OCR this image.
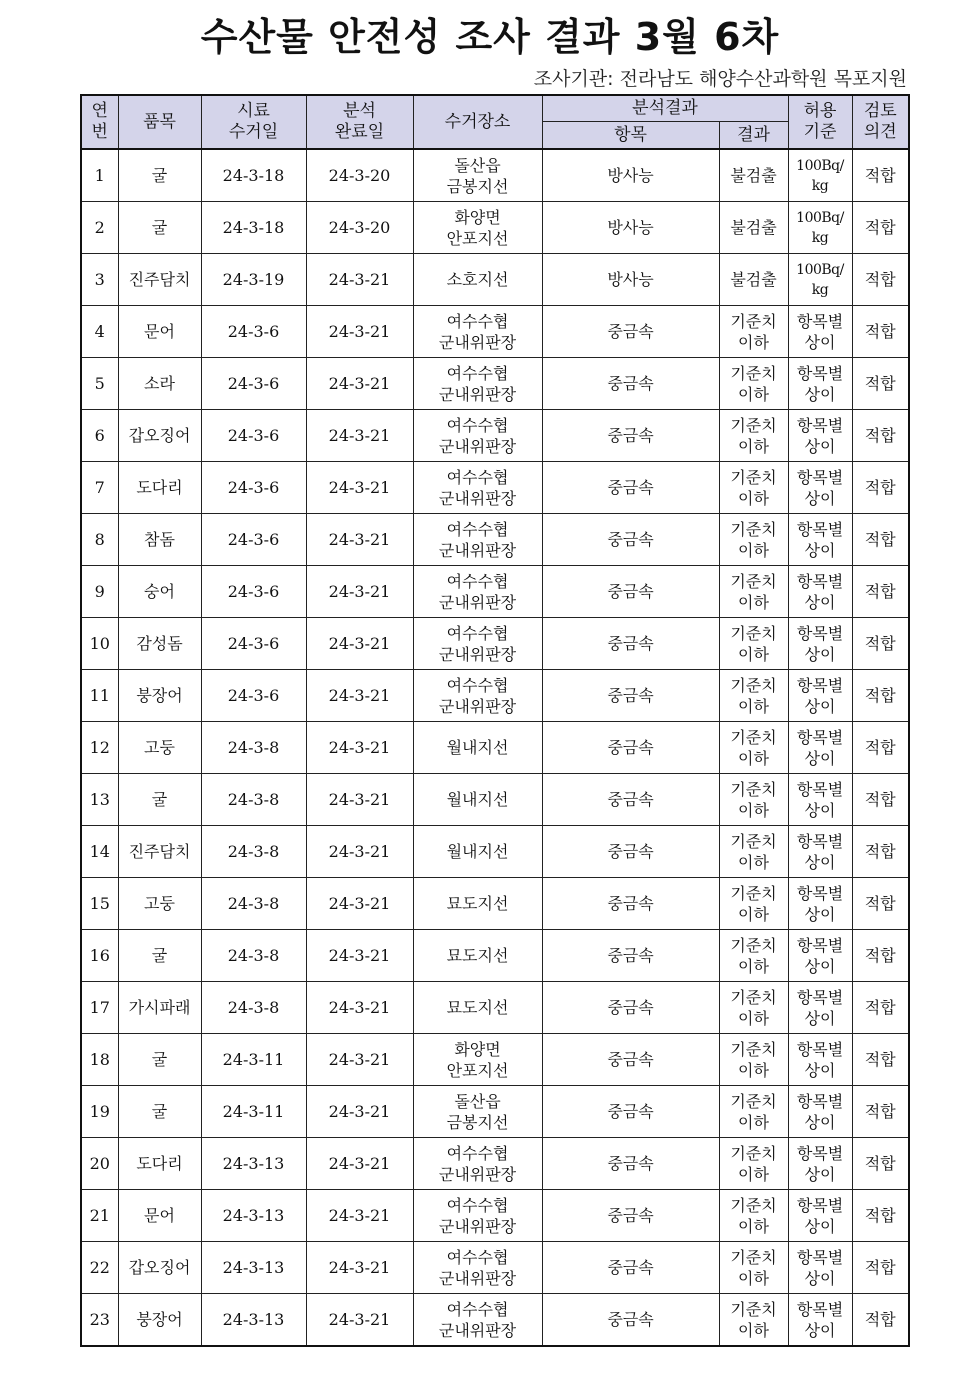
수산물 안전성 조사 결과 3월 6차
조사기관: 전라남도 해양수산과학원 목포지원
연
번	품목	시료
수거일	분석
완료일	수거장소	분석결과		허용
기준	검토
의견

					항목	결과		
1	굴	24-3-18	24-3-20	돌산읍
금봉지선	방사능	불검출	100Bq/
kg	적합
2	굴	24-3-18	24-3-20	화양면
안포지선	방사능	불검출	100Bq/
kg	적합
3	진주담치	24-3-19	24-3-21	소호지선	방사능	불검출	100Bq/
kg	적합
4	문어	24-3-6	24-3-21	여수수협
군내위판장	중금속	기준치
이하	항목별
상이	적합
5	소라	24-3-6	24-3-21	여수수협
군내위판장	중금속	기준치
이하	항목별
상이	적합
6	갑오징어	24-3-6	24-3-21	여수수협
군내위판장	중금속	기준치
이하	항목별
상이	적합
7	도다리	24-3-6	24-3-21	여수수협
군내위판장	중금속	기준치
이하	항목별
상이	적합
8	참돔	24-3-6	24-3-21	여수수협
군내위판장	중금속	기준치
이하	항목별
상이	적합
9	숭어	24-3-6	24-3-21	여수수협
군내위판장	중금속	기준치
이하	항목별
상이	적합
10	감성돔	24-3-6	24-3-21	여수수협
군내위판장	중금속	기준치
이하	항목별
상이	적합
11	붕장어	24-3-6	24-3-21	여수수협
군내위판장	중금속	기준치
이하	항목별
상이	적합
12	고둥	24-3-8	24-3-21	월내지선	중금속	기준치
이하	항목별
상이	적합
13	굴	24-3-8	24-3-21	월내지선	중금속	기준치
이하	항목별
상이	적합
14	진주담치	24-3-8	24-3-21	월내지선	중금속	기준치
이하	항목별
상이	적합
15	고둥	24-3-8	24-3-21	묘도지선	중금속	기준치
이하	항목별
상이	적합
16	굴	24-3-8	24-3-21	묘도지선	중금속	기준치
이하	항목별
상이	적합
17	가시파래	24-3-8	24-3-21	묘도지선	중금속	기준치
이하	항목별
상이	적합
18	굴	24-3-11	24-3-21	화양면
안포지선	중금속	기준치
이하	항목별
상이	적합
19	굴	24-3-11	24-3-21	돌산읍
금봉지선	중금속	기준치
이하	항목별
상이	적합
20	도다리	24-3-13	24-3-21	여수수협
군내위판장	중금속	기준치
이하	항목별
상이	적합
21	문어	24-3-13	24-3-21	여수수협
군내위판장	중금속	기준치
이하	항목별
상이	적합
22	갑오징어	24-3-13	24-3-21	여수수협
군내위판장	중금속	기준치
이하	항목별
상이	적합
23	붕장어	24-3-13	24-3-21	여수수협
군내위판장	중금속	기준치
이하	항목별
상이	적합
